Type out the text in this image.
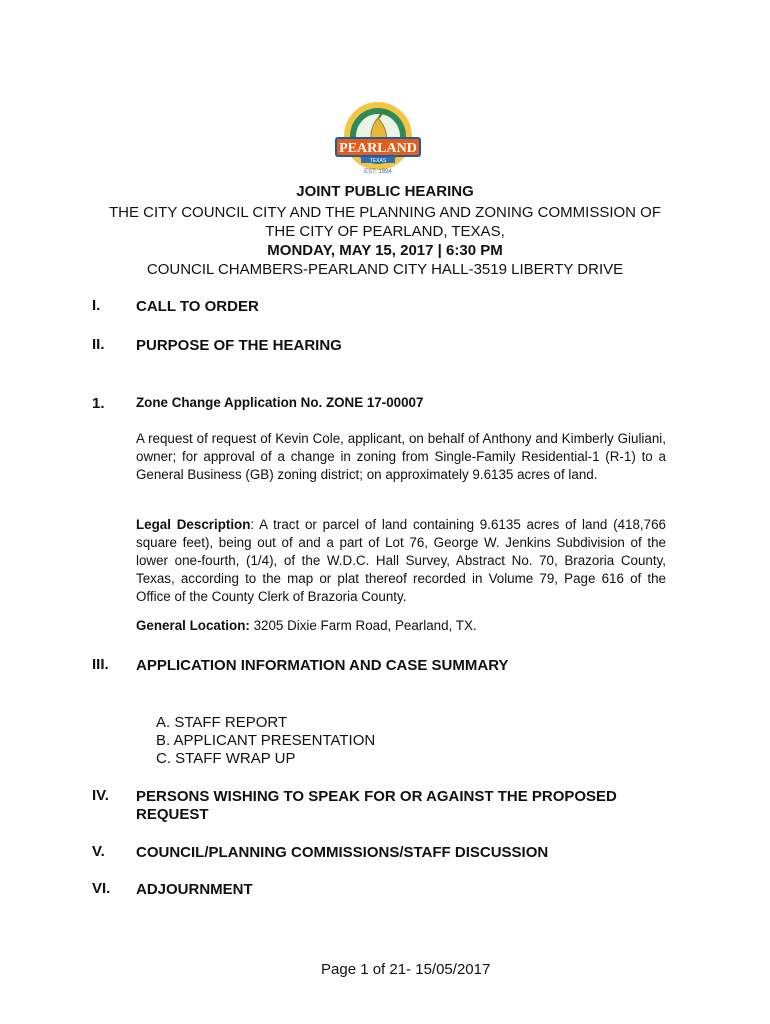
PEARLAND
TEXAS
EST. 1894
JOINT PUBLIC HEARING
THE CITY COUNCIL CITY AND THE PLANNING AND ZONING COMMISSION OF
THE CITY OF PEARLAND, TEXAS,
MONDAY, MAY 15, 2017 | 6:30 PM
COUNCIL CHAMBERS-PEARLAND CITY HALL-3519 LIBERTY DRIVE
I. CALL TO ORDER
II. PURPOSE OF THE HEARING
1. Zone Change Application No. ZONE 17-00007
A request of request of Kevin Cole, applicant, on behalf of Anthony and Kimberly Giuliani, owner; for approval of a change in zoning from Single-Family Residential-1 (R-1) to a General Business (GB) zoning district; on approximately 9.6135 acres of land.
Legal Description: A tract or parcel of land containing 9.6135 acres of land (418,766 square feet), being out of and a part of Lot 76, George W. Jenkins Subdivision of the lower one-fourth, (1/4), of the W.D.C. Hall Survey, Abstract No. 70, Brazoria County, Texas, according to the map or plat thereof recorded in Volume 79, Page 616 of the Office of the County Clerk of Brazoria County.
General Location: 3205 Dixie Farm Road, Pearland, TX.
III. APPLICATION INFORMATION AND CASE SUMMARY
A. STAFF REPORT
B. APPLICANT PRESENTATION
C. STAFF WRAP UP
IV. PERSONS WISHING TO SPEAK FOR OR AGAINST THE PROPOSED
REQUEST
V. COUNCIL/PLANNING COMMISSIONS/STAFF DISCUSSION
VI. ADJOURNMENT
Page 1 of 21- 15/05/2017
